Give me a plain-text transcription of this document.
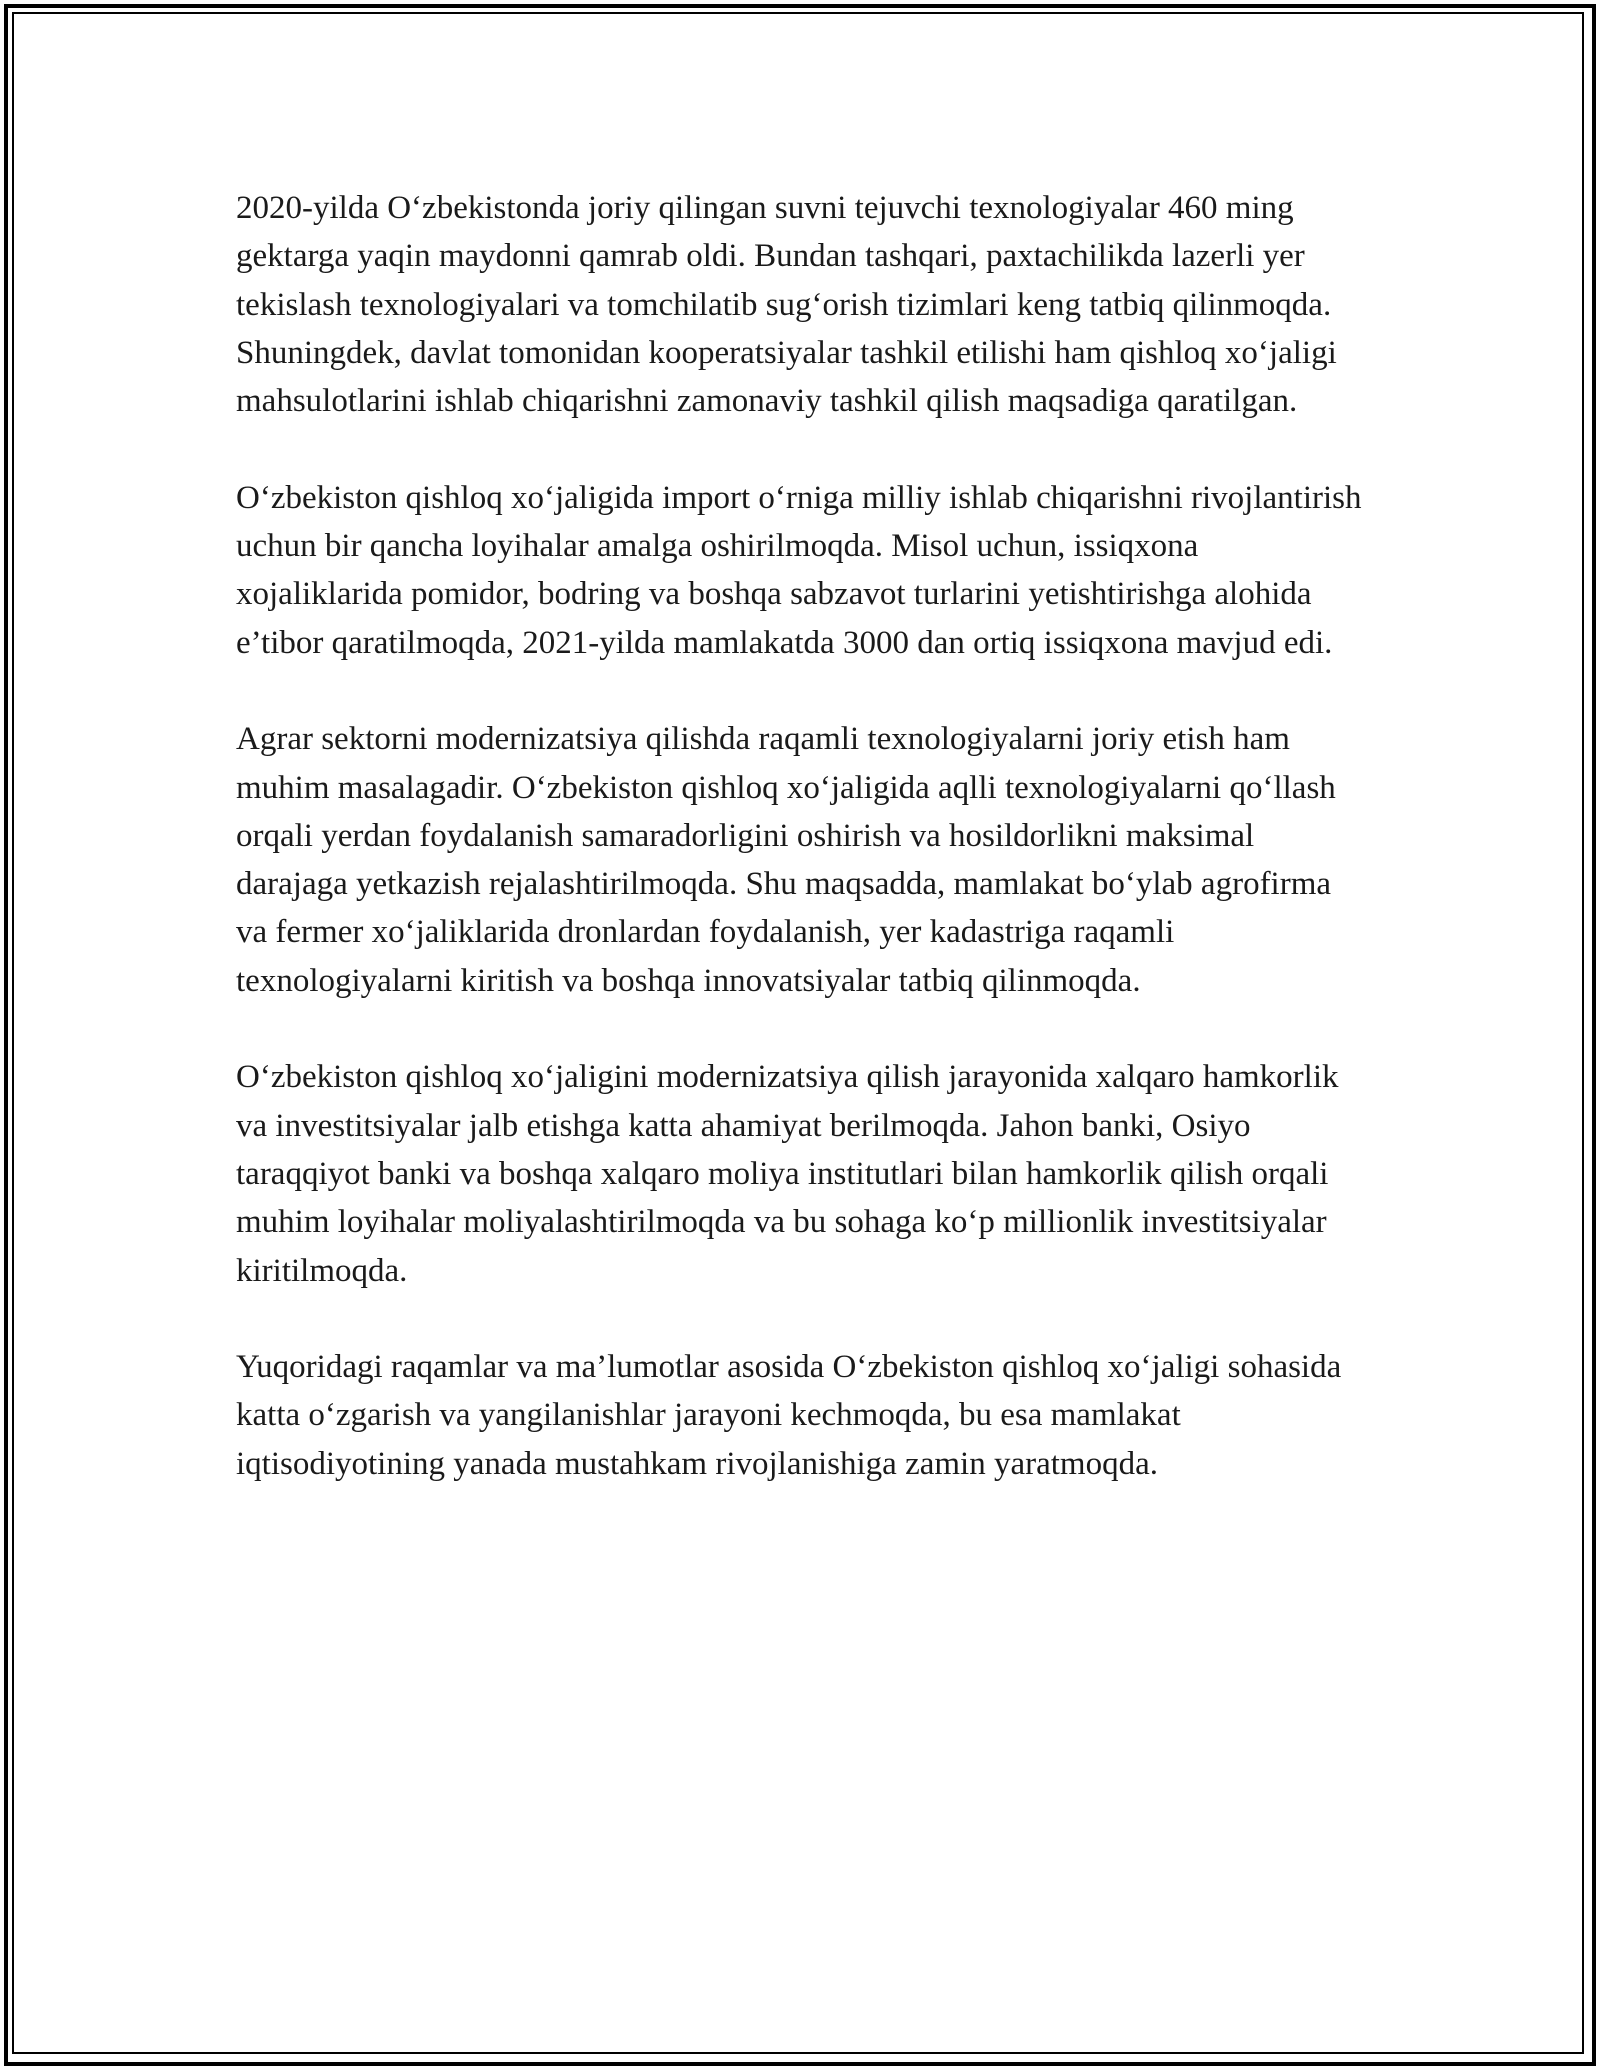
2020-yilda O‘zbekistonda joriy qilingan suvni tejuvchi texnologiyalar 460 ming gektarga yaqin maydonni qamrab oldi. Bundan tashqari, paxtachilikda lazerli yer tekislash texnologiyalari va tomchilatib sug‘orish tizimlari keng tatbiq qilinmoqda. Shuningdek, davlat tomonidan kooperatsiyalar tashkil etilishi ham qishloq xo‘jaligi mahsulotlarini ishlab chiqarishni zamonaviy tashkil qilish maqsadiga qaratilgan.

O‘zbekiston qishloq xo‘jaligida import o‘rniga milliy ishlab chiqarishni rivojlantirish uchun bir qancha loyihalar amalga oshirilmoqda. Misol uchun, issiqxona xojaliklarida pomidor, bodring va boshqa sabzavot turlarini yetishtirishga alohida e’tibor qaratilmoqda, 2021-yilda mamlakatda 3000 dan ortiq issiqxona mavjud edi.

Agrar sektorni modernizatsiya qilishda raqamli texnologiyalarni joriy etish ham muhim masalagadir. O‘zbekiston qishloq xo‘jaligida aqlli texnologiyalarni qo‘llash orqali yerdan foydalanish samaradorligini oshirish va hosildorlikni maksimal darajaga yetkazish rejalashtirilmoqda. Shu maqsadda, mamlakat bo‘ylab agrofirma va fermer xo‘jaliklarida dronlardan foydalanish, yer kadastriga raqamli texnologiyalarni kiritish va boshqa innovatsiyalar tatbiq qilinmoqda.

O‘zbekiston qishloq xo‘jaligini modernizatsiya qilish jarayonida xalqaro hamkorlik va investitsiyalar jalb etishga katta ahamiyat berilmoqda. Jahon banki, Osiyo taraqqiyot banki va boshqa xalqaro moliya institutlari bilan hamkorlik qilish orqali muhim loyihalar moliyalashtirilmoqda va bu sohaga ko‘p millionlik investitsiyalar kiritilmoqda.

Yuqoridagi raqamlar va ma’lumotlar asosida O‘zbekiston qishloq xo‘jaligi sohasida katta o‘zgarish va yangilanishlar jarayoni kechmoqda, bu esa mamlakat iqtisodiyotining yanada mustahkam rivojlanishiga zamin yaratmoqda.
